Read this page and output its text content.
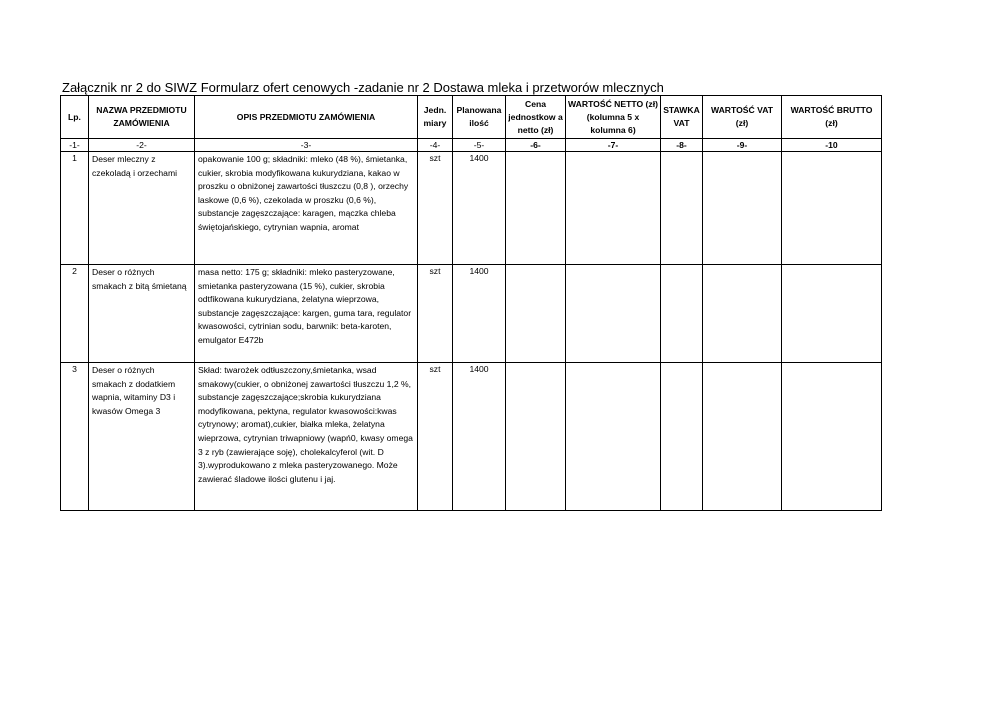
Załącznik nr 2 do SIWZ Formularz ofert cenowych -zadanie nr 2 Dostawa mleka i przetworów mlecznych
Lp.	NAZWA PRZEDMIOTU ZAMÓWIENIA	OPIS PRZEDMIOTU ZAMÓWIENIA	Jedn. miary	Planowana ilość	Cena jednostkow a netto (zł)	WARTOŚĆ NETTO (zł) (kolumna 5 x kolumna 6)	STAWKA VAT	WARTOŚĆ VAT (zł)	WARTOŚĆ BRUTTO (zł)
-1-	-2-	-3-	-4-	-5-	-6-	-7-	-8-	-9-	-10
1	Deser mleczny z czekoladą i orzechami	opakowanie 100 g; składniki: mleko (48 %), śmietanka, cukier, skrobia modyfikowana kukurydziana, kakao w proszku o obniżonej zawartości tłuszczu (0,8 ), orzechy laskowe (0,6 %), czekolada w proszku (0,6 %), substancje zagęszczające: karagen, mączka chleba świętojańskiego, cytrynian wapnia, aromat	szt	1400					
2	Deser o różnych smakach z bitą śmietaną	masa netto: 175 g; składniki: mleko pasteryzowane, smietanka pasteryzowana (15 %), cukier, skrobia odtfikowana kukurydziana, żelatyna wieprzowa, substancje zagęszczające: kargen, guma tara, regulator kwasowości, cytrinian sodu, barwnik: beta-karoten, emulgator E472b	szt	1400					
3	Deser o różnych smakach z dodatkiem wapnia, witaminy D3 i kwasów Omega 3	Skład: twarożek odtłuszczony,śmietanka, wsad smakowy(cukier, o obniżonej zawartości tłuszczu 1,2 %, substancje zagęszczające;skrobia kukurydziana modyfikowana, pektyna, regulator kwasowości:kwas cytrynowy; aromat),cukier, białka mleka, żelatyna wieprzowa, cytrynian triwapniowy (wapń0, kwasy omega 3 z ryb (zawierające soję), cholekalcyferol (wit. D 3).wyprodukowano z mleka pasteryzowanego. Może zawierać śladowe ilości glutenu i jaj.	szt	1400					
